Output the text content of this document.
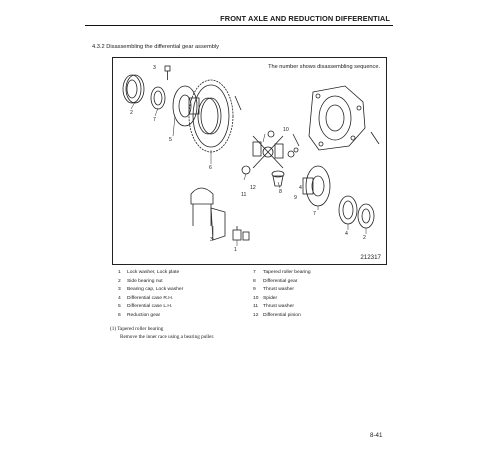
FRONT AXLE AND REDUCTION DIFFERENTIAL
4.3.2 Disassembling the differential gear assembly
The number shows disassembling sequence.
2
7
5
6
10
12
11	8
9
7
4
2
3
1
4
3
212317
1 Lock washer, Lock plate
2 Side bearing nut
3 Bearing cap, Lock washer
4 Differential case R.H.
5 Differential case L.H.
6 Reduction gear
7 Tapered roller bearing
8 Differential gear
9 Thrust washer
10 Spider
11 Thrust washer
12 Differential pinion
(1) Tapered roller bearing
Remove the inner race using a bearing puller.
8-41
